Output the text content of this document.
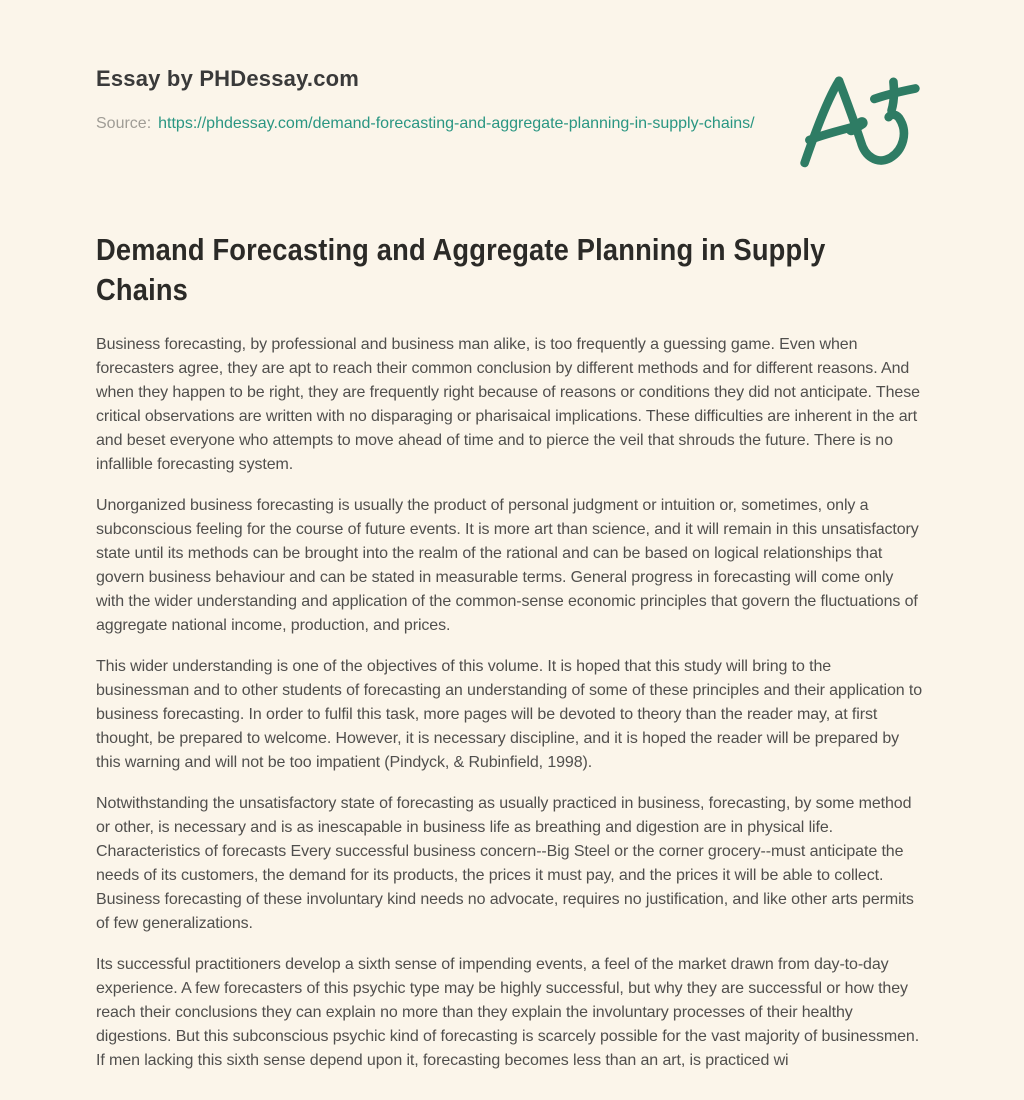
Essay by PHDessay.com
Source: https://phdessay.com/demand-forecasting-and-aggregate-planning-in-supply-chains/
Demand Forecasting and Aggregate Planning in Supply Chains

Business forecasting, by professional and business man alike, is too frequently a guessing game. Even when forecasters agree, they are apt to reach their common conclusion by different methods and for different reasons. And when they happen to be right, they are frequently right because of reasons or conditions they did not anticipate. These critical observations are written with no disparaging or pharisaical implications. These difficulties are inherent in the art and beset everyone who attempts to move ahead of time and to pierce the veil that shrouds the future. There is no infallible forecasting system.

Unorganized business forecasting is usually the product of personal judgment or intuition or, sometimes, only a subconscious feeling for the course of future events. It is more art than science, and it will remain in this unsatisfactory state until its methods can be brought into the realm of the rational and can be based on logical relationships that govern business behaviour and can be stated in measurable terms. General progress in forecasting will come only with the wider understanding and application of the common-sense economic principles that govern the fluctuations of aggregate national income, production, and prices.

This wider understanding is one of the objectives of this volume. It is hoped that this study will bring to the businessman and to other students of forecasting an understanding of some of these principles and their application to business forecasting. In order to fulfil this task, more pages will be devoted to theory than the reader may, at first thought, be prepared to welcome. However, it is necessary discipline, and it is hoped the reader will be prepared by this warning and will not be too impatient (Pindyck, & Rubinfield, 1998).

Notwithstanding the unsatisfactory state of forecasting as usually practiced in business, forecasting, by some method or other, is necessary and is as inescapable in business life as breathing and digestion are in physical life. Characteristics of forecasts Every successful business concern--Big Steel or the corner grocery--must anticipate the needs of its customers, the demand for its products, the prices it must pay, and the prices it will be able to collect. Business forecasting of these involuntary kind needs no advocate, requires no justification, and like other arts permits of few generalizations.

Its successful practitioners develop a sixth sense of impending events, a feel of the market drawn from day-to-day experience. A few forecasters of this psychic type may be highly successful, but why they are successful or how they reach their conclusions they can explain no more than they explain the involuntary processes of their healthy digestions. But this subconscious psychic kind of forecasting is scarcely possible for the vast majority of businessmen. If men lacking this sixth sense depend upon it, forecasting becomes less than an art, is practiced wi
